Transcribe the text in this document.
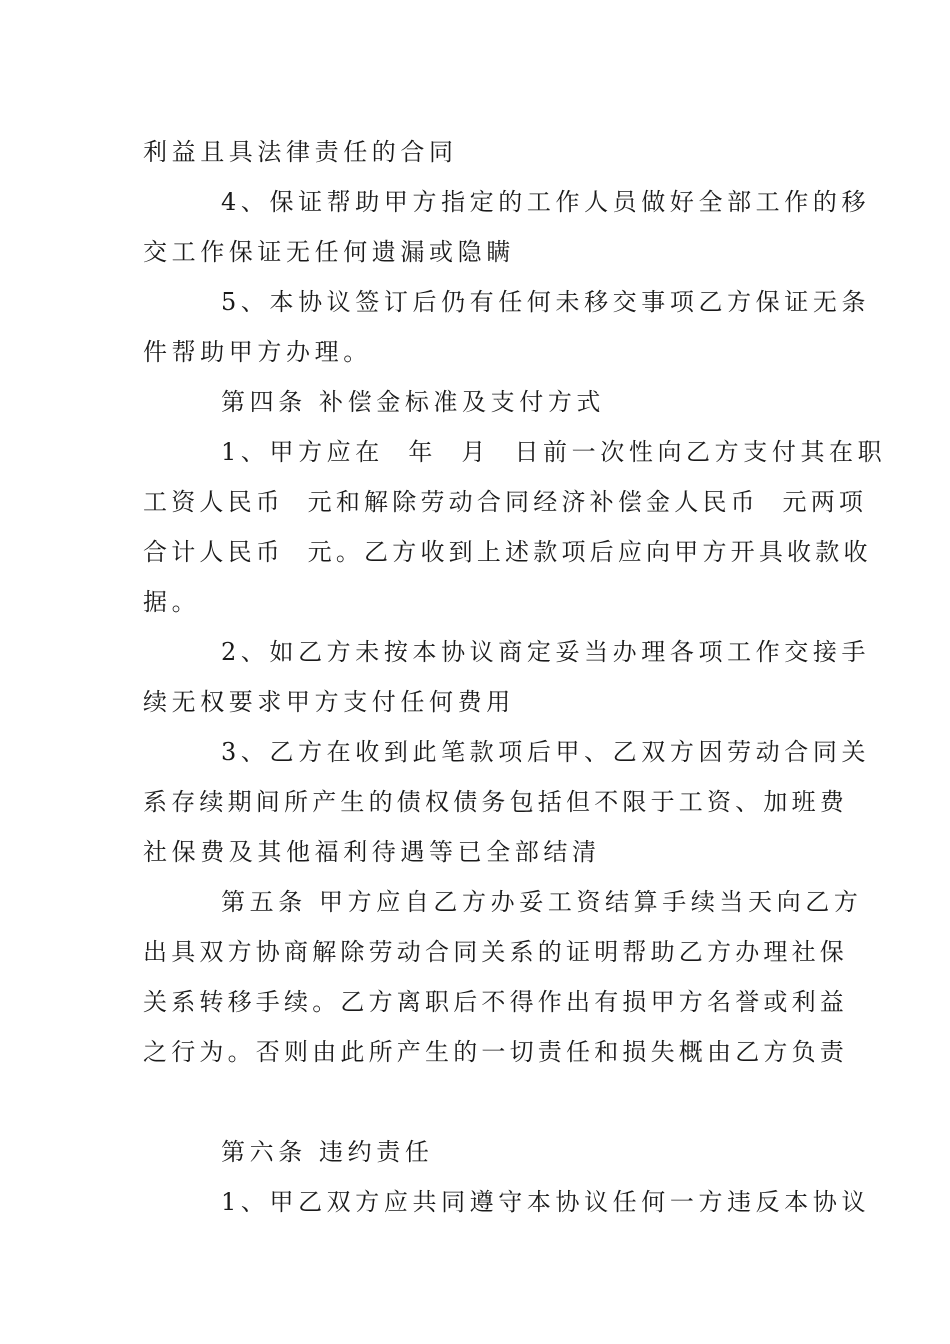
利益且具法律责任的合同
4、保证帮助甲方指定的工作人员做好全部工作的移
交工作保证无任何遗漏或隐瞒
5、本协议签订后仍有任何未移交事项乙方保证无条
件帮助甲方办理。
第四条 补偿金标准及支付方式
1、甲方应在  年  月  日前一次性向乙方支付其在职
工资人民币  元和解除劳动合同经济补偿金人民币  元两项
合计人民币  元。乙方收到上述款项后应向甲方开具收款收
据。
2、如乙方未按本协议商定妥当办理各项工作交接手
续无权要求甲方支付任何费用
3、乙方在收到此笔款项后甲、乙双方因劳动合同关
系存续期间所产生的债权债务包括但不限于工资、加班费
社保费及其他福利待遇等已全部结清
第五条 甲方应自乙方办妥工资结算手续当天向乙方
出具双方协商解除劳动合同关系的证明帮助乙方办理社保
关系转移手续。乙方离职后不得作出有损甲方名誉或利益
之行为。否则由此所产生的一切责任和损失概由乙方负责
第六条 违约责任
1、甲乙双方应共同遵守本协议任何一方违反本协议
